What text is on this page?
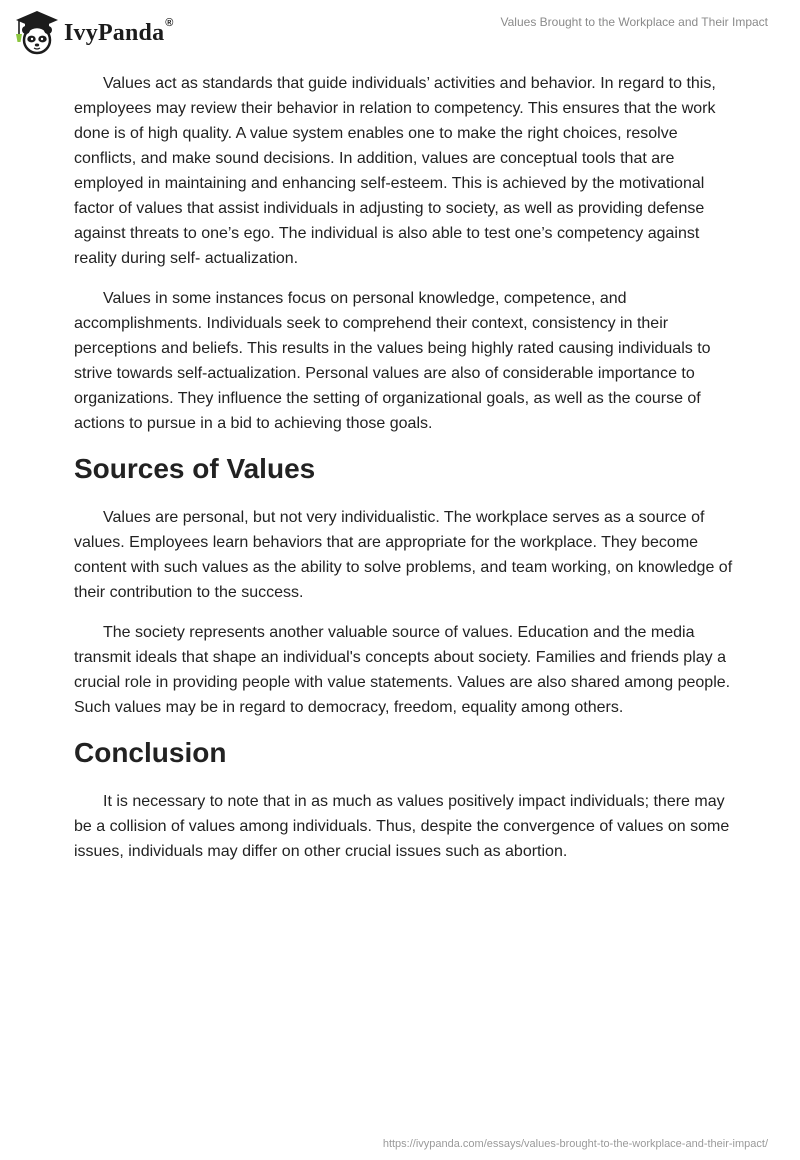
IvyPanda®	Values Brought to the Workplace and Their Impact

Values act as standards that guide individuals’ activities and behavior. In regard to this, employees may review their behavior in relation to competency. This ensures that the work done is of high quality. A value system enables one to make the right choices, resolve conflicts, and make sound decisions. In addition, values are conceptual tools that are employed in maintaining and enhancing self-esteem. This is achieved by the motivational factor of values that assist individuals in adjusting to society, as well as providing defense against threats to one’s ego. The individual is also able to test one’s competency against reality during self- actualization.

Values in some instances focus on personal knowledge, competence, and accomplishments. Individuals seek to comprehend their context, consistency in their perceptions and beliefs. This results in the values being highly rated causing individuals to strive towards self-actualization. Personal values are also of considerable importance to organizations. They influence the setting of organizational goals, as well as the course of actions to pursue in a bid to achieving those goals.

Sources of Values

Values are personal, but not very individualistic. The workplace serves as a source of values. Employees learn behaviors that are appropriate for the workplace. They become content with such values as the ability to solve problems, and team working, on knowledge of their contribution to the success.

The society represents another valuable source of values. Education and the media transmit ideals that shape an individual's concepts about society. Families and friends play a crucial role in providing people with value statements. Values are also shared among people. Such values may be in regard to democracy, freedom, equality among others.

Conclusion

It is necessary to note that in as much as values positively impact individuals; there may be a collision of values among individuals. Thus, despite the convergence of values on some issues, individuals may differ on other crucial issues such as abortion.

https://ivypanda.com/essays/values-brought-to-the-workplace-and-their-impact/
